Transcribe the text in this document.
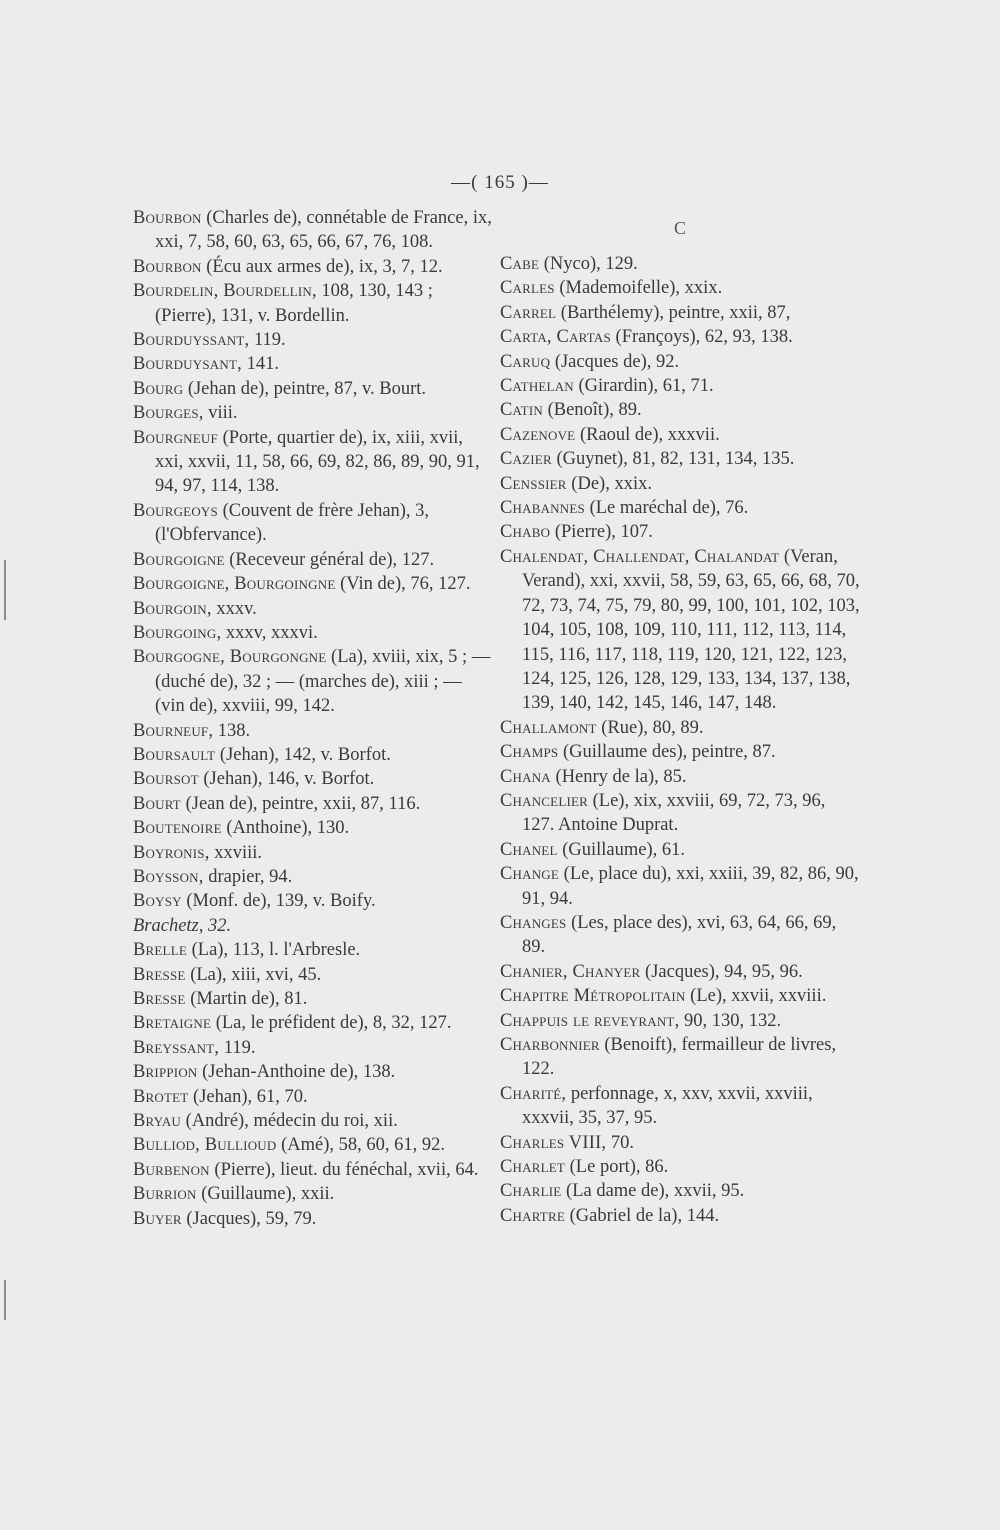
—( 165 )—

Bourbon (Charles de), connétable de France, ix, xxi, 7, 58, 60, 63, 65, 66, 67, 76, 108.

Bourbon (Écu aux armes de), ix, 3, 7, 12.

Bourdelin, Bourdellin, 108, 130, 143 ; (Pierre), 131, v. Bordellin.

Bourduyssant, 119.

Bourduysant, 141.

Bourg (Jehan de), peintre, 87, v. Bourt.

Bourges, viii.

Bourgneuf (Porte, quartier de), ix, xiii, xvii, xxi, xxvii, 11, 58, 66, 69, 82, 86, 89, 90, 91, 94, 97, 114, 138.

Bourgeoys (Couvent de frère Jehan), 3, (l'Obfervance).

Bourgoigne (Receveur général de), 127.

Bourgoigne, Bourgoingne (Vin de), 76, 127.

Bourgoin, xxxv.

Bourgoing, xxxv, xxxvi.

Bourgogne, Bourgongne (La), xviii, xix, 5 ; — (duché de), 32 ; — (marches de), xiii ; — (vin de), xxviii, 99, 142.

Bourneuf, 138.

Boursault (Jehan), 142, v. Borfot.

Boursot (Jehan), 146, v. Borfot.

Bourt (Jean de), peintre, xxii, 87, 116.

Boutenoire (Anthoine), 130.

Boyronis, xxviii.

Boysson, drapier, 94.

Boysy (Monf. de), 139, v. Boify.

Brachetz, 32.

Brelle (La), 113, l. l'Arbresle.

Bresse (La), xiii, xvi, 45.

Bresse (Martin de), 81.

Bretaigne (La, le préfident de), 8, 32, 127.

Breyssant, 119.

Brippion (Jehan-Anthoine de), 138.

Brotet (Jehan), 61, 70.

Bryau (André), médecin du roi, xii.

Bulliod, Bullioud (Amé), 58, 60, 61, 92.

Burbenon (Pierre), lieut. du fénéchal, xvii, 64.

Burrion (Guillaume), xxii.

Buyer (Jacques), 59, 79.

C

Cabe (Nyco), 129.

Carles (Mademoifelle), xxix.

Carrel (Barthélemy), peintre, xxii, 87,

Carta, Cartas (Françoys), 62, 93, 138.

Caruq (Jacques de), 92.

Cathelan (Girardin), 61, 71.

Catin (Benoît), 89.

Cazenove (Raoul de), xxxvii.

Cazier (Guynet), 81, 82, 131, 134, 135.

Censsier (De), xxix.

Chabannes (Le maréchal de), 76.

Chabo (Pierre), 107.

Chalendat, Challendat, Chalandat (Veran, Verand), xxi, xxvii, 58, 59, 63, 65, 66, 68, 70, 72, 73, 74, 75, 79, 80, 99, 100, 101, 102, 103, 104, 105, 108, 109, 110, 111, 112, 113, 114, 115, 116, 117, 118, 119, 120, 121, 122, 123, 124, 125, 126, 128, 129, 133, 134, 137, 138, 139, 140, 142, 145, 146, 147, 148.

Challamont (Rue), 80, 89.

Champs (Guillaume des), peintre, 87.

Chana (Henry de la), 85.

Chancelier (Le), xix, xxviii, 69, 72, 73, 96, 127. Antoine Duprat.

Chanel (Guillaume), 61.

Change (Le, place du), xxi, xxiii, 39, 82, 86, 90, 91, 94.

Changes (Les, place des), xvi, 63, 64, 66, 69, 89.

Chanier, Chanyer (Jacques), 94, 95, 96.

Chapitre Métropolitain (Le), xxvii, xxviii.

Chappuis le reveyrant, 90, 130, 132.

Charbonnier (Benoift), fermailleur de livres, 122.

Charité, perfonnage, x, xxv, xxvii, xxviii, xxxvii, 35, 37, 95.

Charles VIII, 70.

Charlet (Le port), 86.

Charlie (La dame de), xxvii, 95.

Chartre (Gabriel de la), 144.
